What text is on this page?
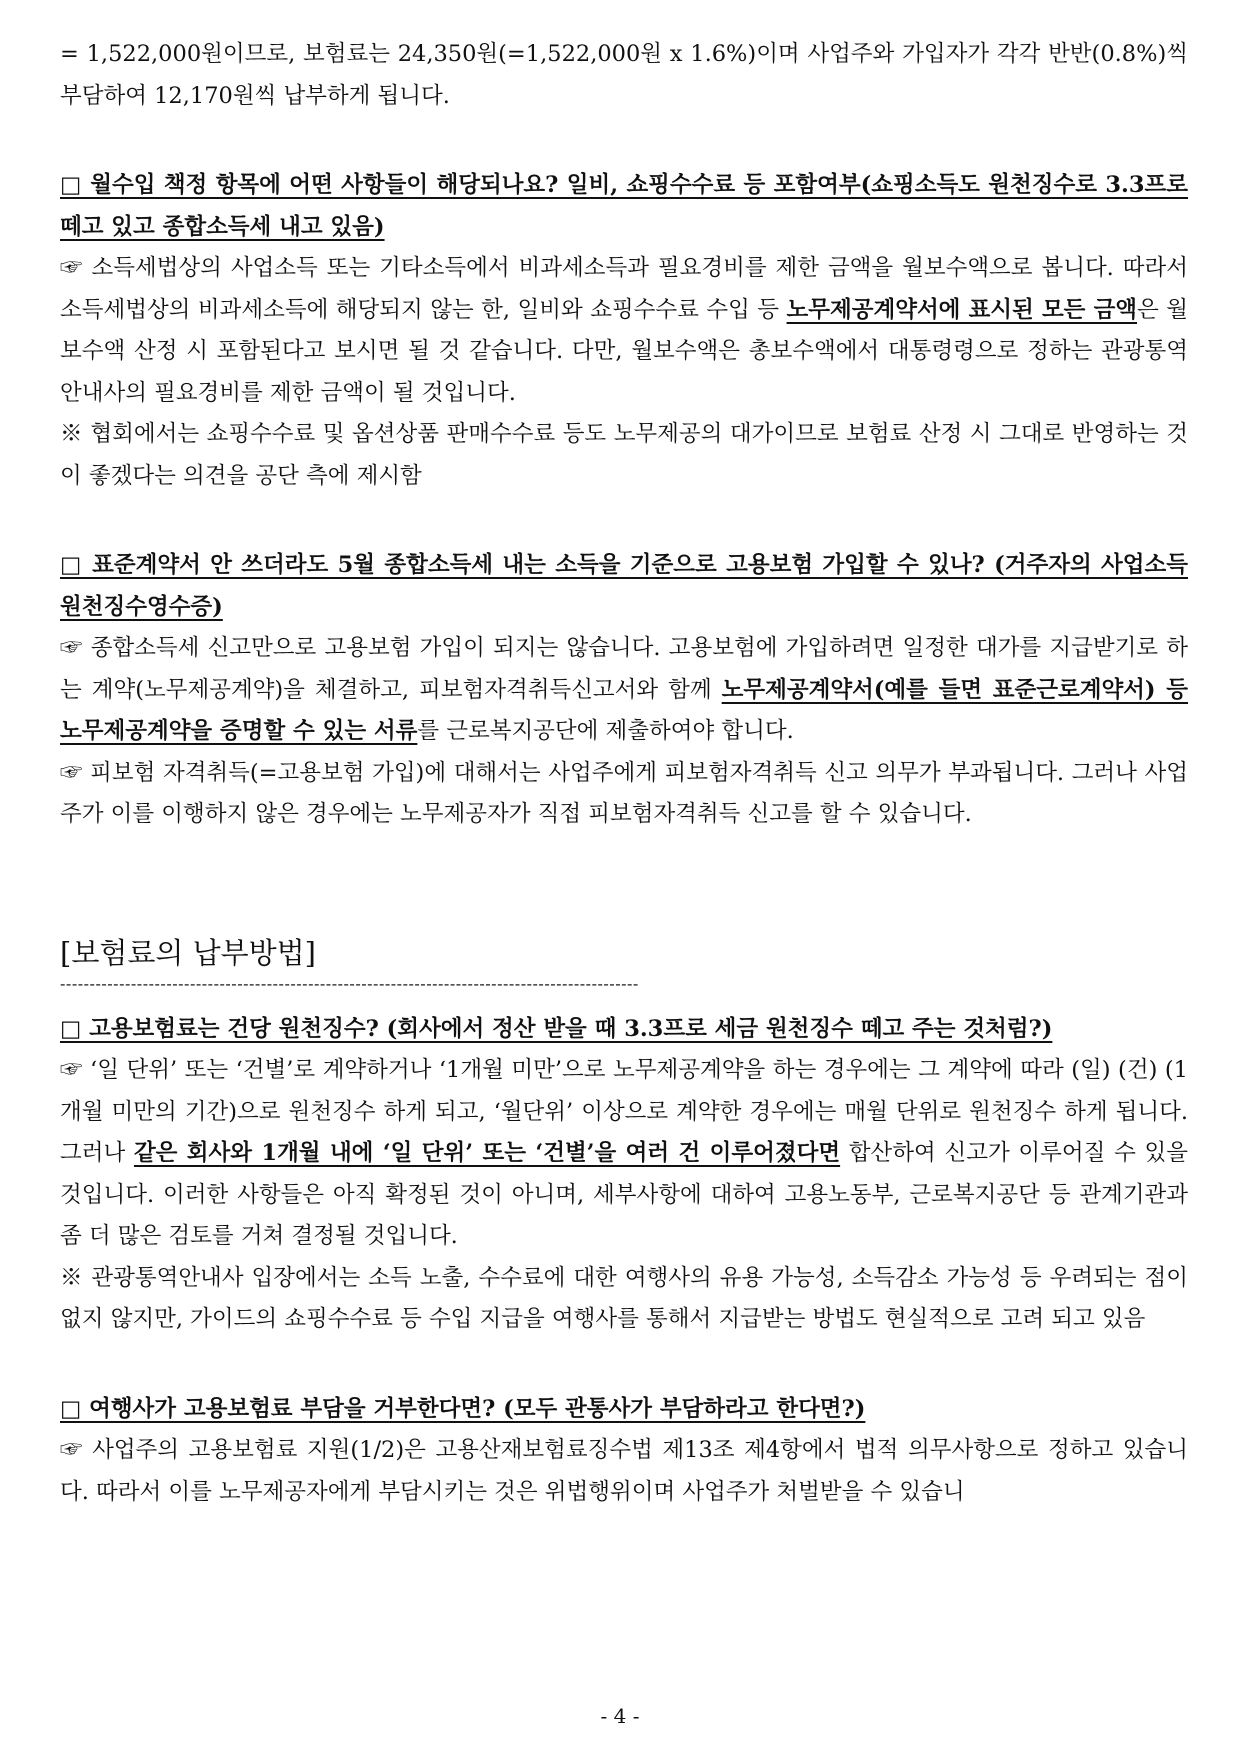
= 1,522,000원이므로, 보험료는 24,350원(=1,522,000원 x 1.6%)이며 사업주와 가입자가 각각 반반(0.8%)씩 부담하여 12,170원씩 납부하게 됩니다.

□ 월수입 책정 항목에 어떤 사항들이 해당되나요? 일비, 쇼핑수수료 등 포함여부(쇼핑소득도 원천징수로 3.3프로 떼고 있고 종합소득세 내고 있음)

☞ 소득세법상의 사업소득 또는 기타소득에서 비과세소득과 필요경비를 제한 금액을 월보수액으로 봅니다. 따라서 소득세법상의 비과세소득에 해당되지 않는 한, 일비와 쇼핑수수료 수입 등 노무제공계약서에 표시된 모든 금액은 월보수액 산정 시 포함된다고 보시면 될 것 같습니다. 다만, 월보수액은 총보수액에서 대통령령으로 정하는 관광통역안내사의 필요경비를 제한 금액이 될 것입니다.

※ 협회에서는 쇼핑수수료 및 옵션상품 판매수수료 등도 노무제공의 대가이므로 보험료 산정 시 그대로 반영하는 것이 좋겠다는 의견을 공단 측에 제시함

□ 표준계약서 안 쓰더라도 5월 종합소득세 내는 소득을 기준으로 고용보험 가입할 수 있나? (거주자의 사업소득 원천징수영수증)

☞ 종합소득세 신고만으로 고용보험 가입이 되지는 않습니다. 고용보험에 가입하려면 일정한 대가를 지급받기로 하는 계약(노무제공계약)을 체결하고, 피보험자격취득신고서와 함께 노무제공계약서(예를 들면 표준근로계약서) 등 노무제공계약을 증명할 수 있는 서류를 근로복지공단에 제출하여야 합니다.

☞ 피보험 자격취득(=고용보험 가입)에 대해서는 사업주에게 피보험자격취득 신고 의무가 부과됩니다. 그러나 사업주가 이를 이행하지 않은 경우에는 노무제공자가 직접 피보험자격취득 신고를 할 수 있습니다.

[보험료의 납부방법]
--------------------------------------------------------------------------------------------------

□ 고용보험료는 건당 원천징수? (회사에서 정산 받을 때 3.3프로 세금 원천징수 떼고 주는 것처럼?)

☞ ‘일 단위’ 또는 ‘건별’로 계약하거나 ‘1개월 미만’으로 노무제공계약을 하는 경우에는 그 계약에 따라 (일) (건) (1개월 미만의 기간)으로 원천징수 하게 되고, ‘월단위’ 이상으로 계약한 경우에는 매월 단위로 원천징수 하게 됩니다. 그러나 같은 회사와 1개월 내에 ‘일 단위’ 또는 ‘건별’을 여러 건 이루어졌다면 합산하여 신고가 이루어질 수 있을 것입니다. 이러한 사항들은 아직 확정된 것이 아니며, 세부사항에 대하여 고용노동부, 근로복지공단 등 관계기관과 좀 더 많은 검토를 거쳐 결정될 것입니다.

※ 관광통역안내사 입장에서는 소득 노출, 수수료에 대한 여행사의 유용 가능성, 소득감소 가능성 등 우려되는 점이 없지 않지만, 가이드의 쇼핑수수료 등 수입 지급을 여행사를 통해서 지급받는 방법도 현실적으로 고려 되고 있음

□ 여행사가 고용보험료 부담을 거부한다면? (모두 관통사가 부담하라고 한다면?)

☞ 사업주의 고용보험료 지원(1/2)은 고용산재보험료징수법 제13조 제4항에서 법적 의무사항으로 정하고 있습니다. 따라서 이를 노무제공자에게 부담시키는 것은 위법행위이며 사업주가 처벌받을 수 있습니

- 4 -
